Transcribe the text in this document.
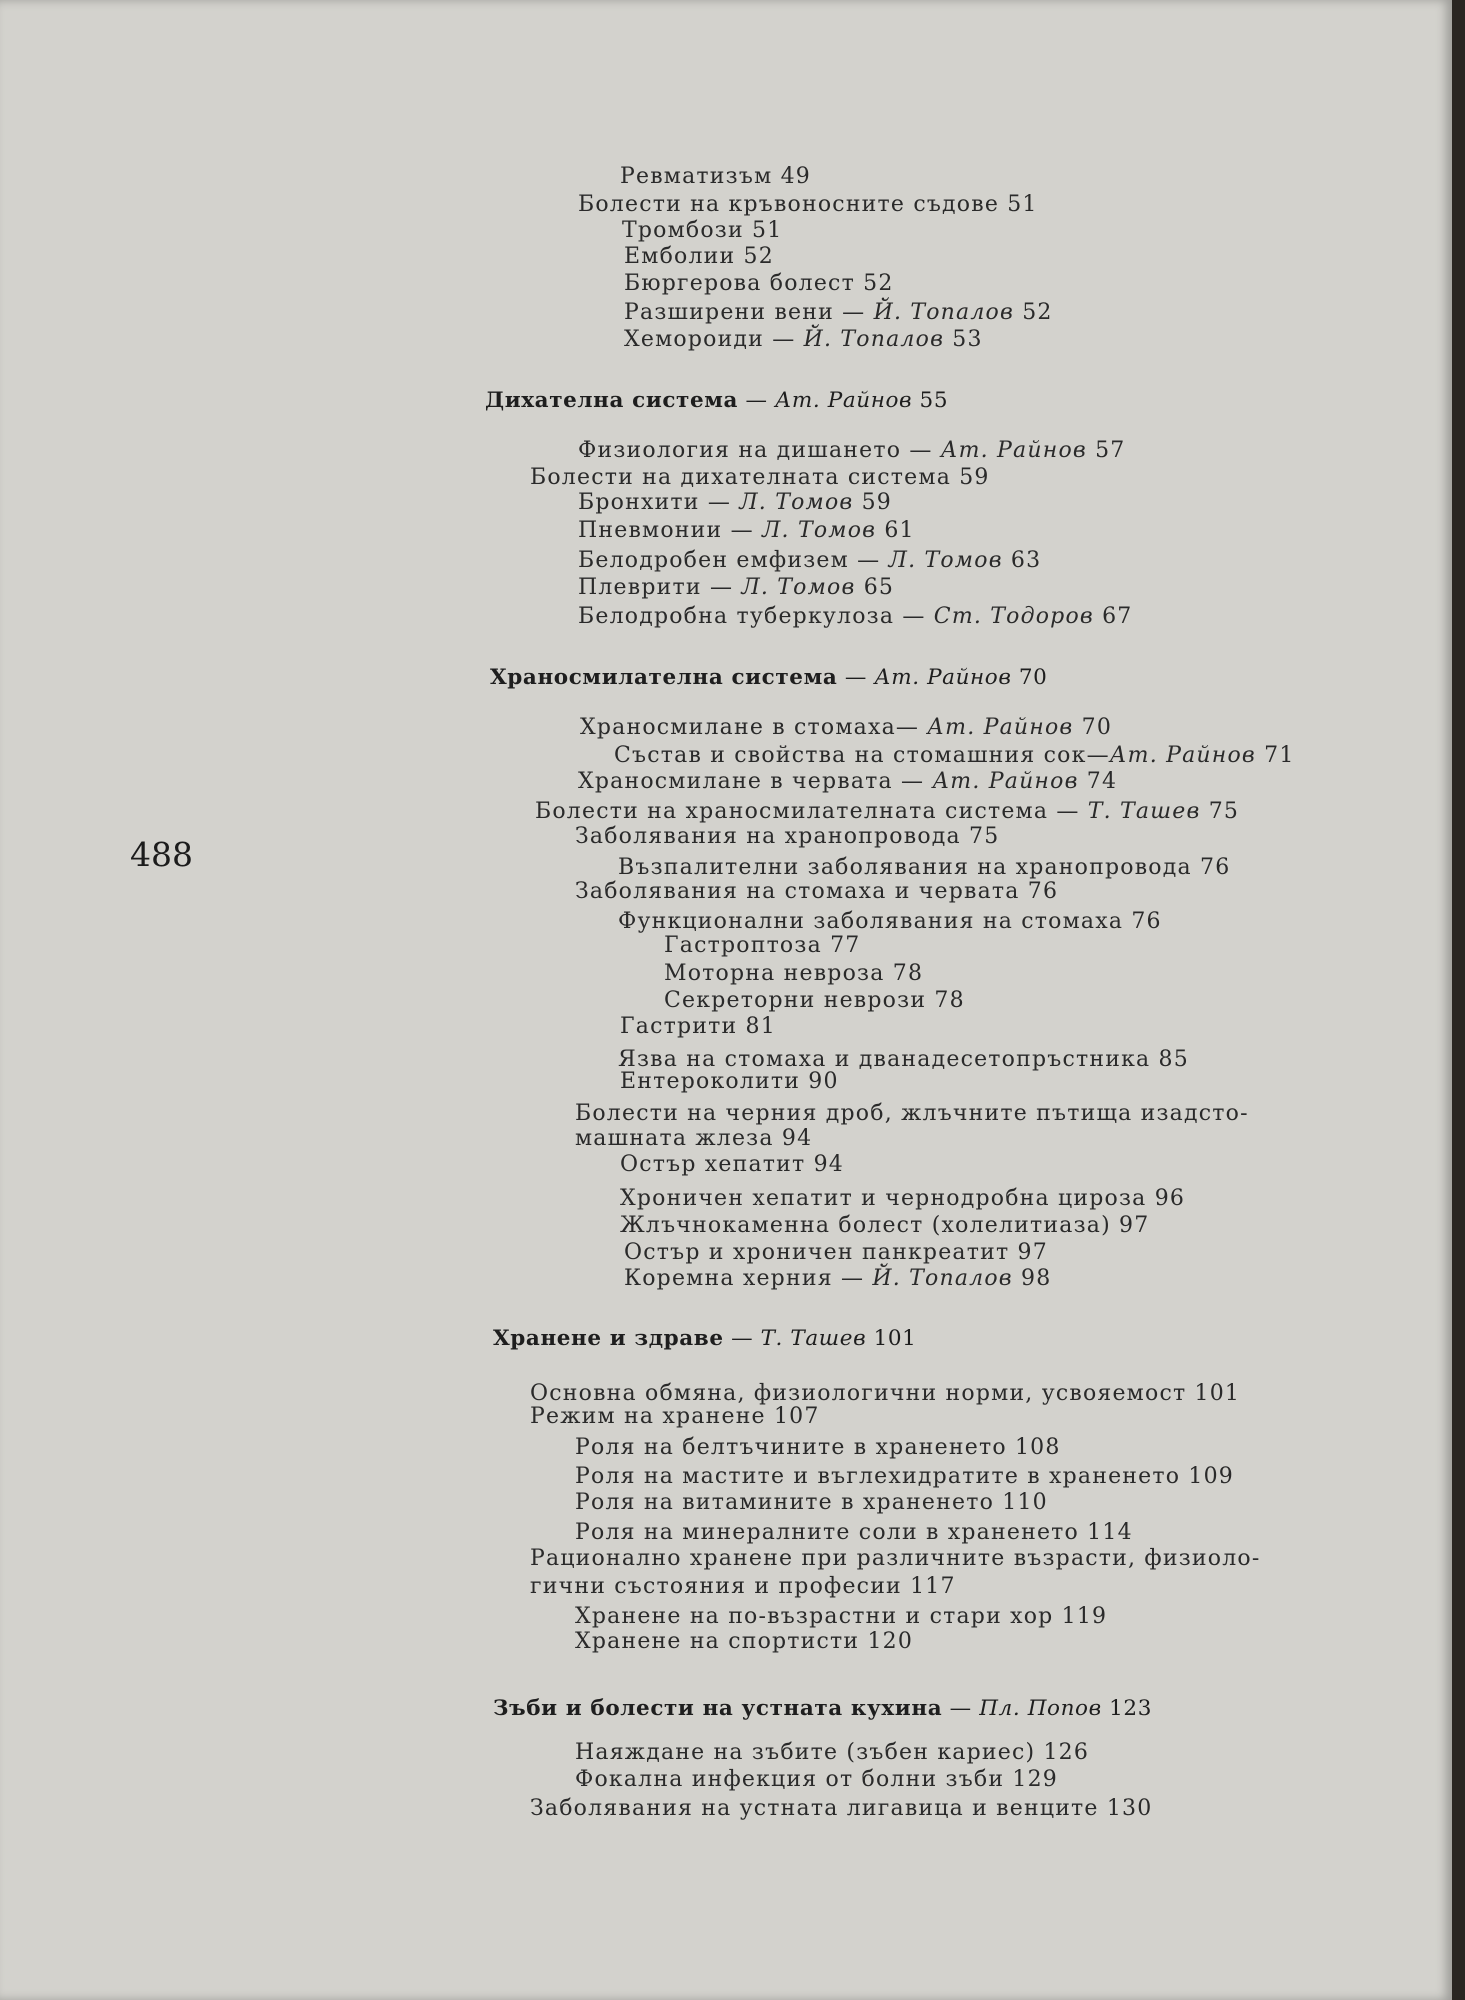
488
Ревматизъм 49
Болести на кръвоносните съдове 51
Тромбози 51
Емболии 52
Бюргерова болест 52
Разширени вени — Й. Топалов 52
Хемороиди — Й. Топалов 53
Дихателна система — Ат. Райнов 55
Физиология на дишането — Ат. Райнов 57
Болести на дихателната система 59
Бронхити — Л. Томов 59
Пневмонии — Л. Томов 61
Белодробен емфизем — Л. Томов 63
Плеврити — Л. Томов 65
Белодробна туберкулоза — Ст. Тодоров 67
Храносмилателна система — Ат. Райнов 70
Храносмилане в стомаха— Ат. Райнов 70
Състав и свойства на стомашния сок—Ат. Райнов 71
Храносмилане в червата — Ат. Райнов 74
Болести на храносмилателната система — Т. Ташев 75
Заболявания на хранопровода 75
Възпалителни заболявания на хранопровода 76
Заболявания на стомаха и червата 76
Функционални заболявания на стомаха 76
Гастроптоза 77
Моторна невроза 78
Секреторни неврози 78
Гастрити 81
Язва на стомаха и дванадесетопръстника 85
Ентероколити 90
Болести на черния дроб, жлъчните пътища изадсто-
машната жлеза 94
Остър хепатит 94
Хроничен хепатит и чернодробна цироза 96
Жлъчнокаменна болест (холелитиаза) 97
Остър и хроничен панкреатит 97
Коремна херния — Й. Топалов 98
Хранене и здраве — Т. Ташев 101
Основна обмяна, физиологични норми, усвояемост 101
Режим на хранене 107
Роля на белтъчините в храненето 108
Роля на мастите и въглехидратите в храненето 109
Роля на витамините в храненето 110
Роля на минералните соли в храненето 114
Рационално хранене при различните възрасти, физиоло-
гични състояния и професии 117
Хранене на по-възрастни и стари хор 119
Хранене на спортисти 120
Зъби и болести на устната кухина — Пл. Попов 123
Наяждане на зъбите (зъбен кариес) 126
Фокална инфекция от болни зъби 129
Заболявания на устната лигавица и венците 130
